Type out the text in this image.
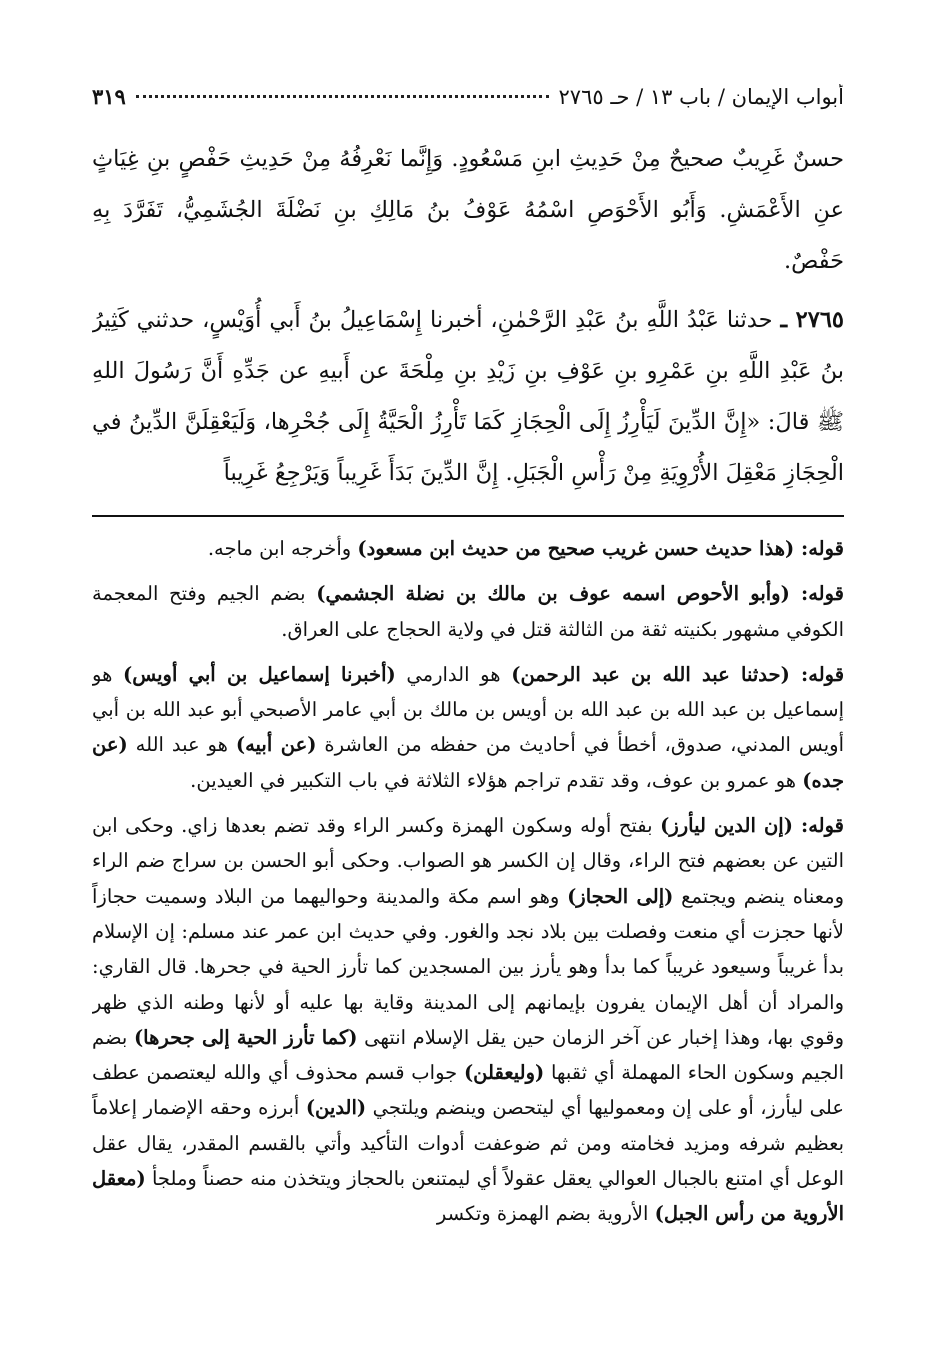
أبواب الإيمان / باب ١٣ / حـ ٢٧٦٥
٣١٩

حسنٌ غَرِيبٌ صحيحٌ مِنْ حَدِيثِ ابنِ مَسْعُودٍ. وَإِنَّما نَعْرِفُهُ مِنْ حَدِيثِ حَفْصٍ بنِ غِيَاثٍ عنِ الأَعْمَشِ. وَأَبُو الأَحْوَصِ اسْمُهُ عَوْفُ بنُ مَالِكِ بنِ نَضْلَةَ الجُشَمِيُّ، تَفَرَّدَ بِهِ حَفْصٌ.

٢٧٦٥ ـ حدثنا عَبْدُ اللَّهِ بنُ عَبْدِ الرَّحْمٰنِ، أخبرنا إِسْمَاعِيلُ بنُ أَبي أُوَيْسٍ، حدثني كَثِيرُ بنُ عَبْدِ اللَّهِ بنِ عَمْرِو بنِ عَوْفِ بنِ زَيْدِ بنِ مِلْحَةَ عن أَبيهِ عن جَدِّهِ أَنَّ رَسُولَ اللهِ ﷺ قالَ: «إِنَّ الدِّينَ لَيَأْرِزُ إِلَى الْحِجَازِ كَمَا تَأْرِزُ الْحَيَّةُ إِلَى جُحْرِها، وَلَيَعْقِلَنَّ الدِّينُ في الْحِجَازِ مَعْقِلَ الأُرْوِيَةِ مِنْ رَأْسِ الْجَبَلِ. إِنَّ الدِّينَ بَدَأَ غَرِيباً وَيَرْجِعُ غَرِيباً

قوله: (هذا حديث حسن غريب صحيح من حديث ابن مسعود) وأخرجه ابن ماجه.

قوله: (وأبو الأحوص اسمه عوف بن مالك بن نضلة الجشمي) بضم الجيم وفتح المعجمة الكوفي مشهور بكنيته ثقة من الثالثة قتل في ولاية الحجاج على العراق.

قوله: (حدثنا عبد الله بن عبد الرحمن) هو الدارمي (أخبرنا إسماعيل بن أبي أويس) هو إسماعيل بن عبد الله بن عبد الله بن أويس بن مالك بن أبي عامر الأصبحي أبو عبد الله بن أبي أويس المدني، صدوق، أخطأ في أحاديث من حفظه من العاشرة (عن أبيه) هو عبد الله (عن جده) هو عمرو بن عوف، وقد تقدم تراجم هؤلاء الثلاثة في باب التكبير في العيدين.

قوله: (إن الدين ليأرز) بفتح أوله وسكون الهمزة وكسر الراء وقد تضم بعدها زاي. وحكى ابن التين عن بعضهم فتح الراء، وقال إن الكسر هو الصواب. وحكى أبو الحسن بن سراج ضم الراء ومعناه ينضم ويجتمع (إلى الحجاز) وهو اسم مكة والمدينة وحواليهما من البلاد وسميت حجازاً لأنها حجزت أي منعت وفصلت بين بلاد نجد والغور. وفي حديث ابن عمر عند مسلم: إن الإسلام بدأ غريباً وسيعود غريباً كما بدأ وهو يأرز بين المسجدين كما تأرز الحية في جحرها. قال القاري: والمراد أن أهل الإيمان يفرون بإيمانهم إلى المدينة وقاية بها عليه أو لأنها وطنه الذي ظهر وقوي بها، وهذا إخبار عن آخر الزمان حين يقل الإسلام انتهى (كما تأرز الحية إلى جحرها) بضم الجيم وسكون الحاء المهملة أي ثقبها (وليعقلن) جواب قسم محذوف أي والله ليعتصمن عطف على ليأرز، أو على إن ومعموليها أي ليتحصن وينضم ويلتجي (الدين) أبرزه وحقه الإضمار إعلاماً بعظيم شرفه ومزيد فخامته ومن ثم ضوعفت أدوات التأكيد وأتي بالقسم المقدر، يقال عقل الوعل أي امتنع بالجبال العوالي يعقل عقولاً أي ليمتنعن بالحجاز ويتخذن منه حصناً وملجأ (معقل الأروية من رأس الجبل) الأروية بضم الهمزة وتكسر
